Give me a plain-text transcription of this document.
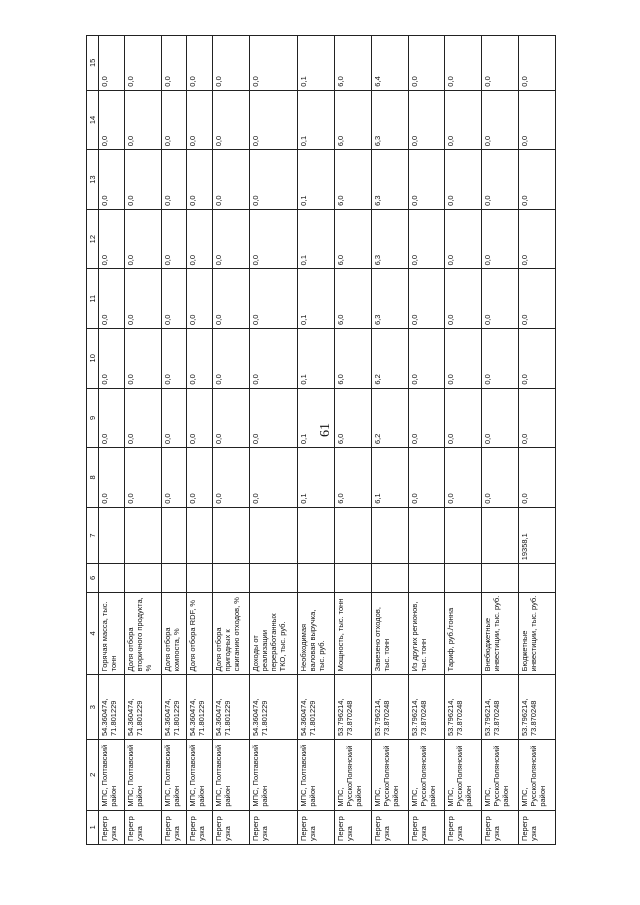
61
1	2	3	4	6	7	8	9	10	11	12	13	14	15
Перегр узка	МПС, Полтавский район	54.360474, 71.801229	Горячая масса, тыс. тонн			0,0	0,0	0,0	0,0	0,0	0,0	0,0	0,0
Перегр узка	МПС, Полтавский район	54.360474, 71.801229	Доля отбора вторичного продукта, %			0,0	0,0	0,0	0,0	0,0	0,0	0,0	0,0
Перегр узка	МПС, Полтавский район	54.360474, 71.801229	Доля отбора компоста, %			0,0	0,0	0,0	0,0	0,0	0,0	0,0	0,0
Перегр узка	МПС, Полтавский район	54.360474, 71.801229	Доля отбора RDF, %			0,0	0,0	0,0	0,0	0,0	0,0	0,0	0,0
Перегр узка	МПС, Полтавский район	54.360474, 71.801229	Доля отбора пригодных к сжиганию отходов, %			0,0	0,0	0,0	0,0	0,0	0,0	0,0	0,0
Перегр узка	МПС, Полтавский район	54.360474, 71.801229	Доходы от реализации переработанных ТКО, тыс. руб.			0,0	0,0	0,0	0,0	0,0	0,0	0,0	0,0
Перегр узка	МПС, Полтавский район	54.360474, 71.801229	Необходимая валовая выручка, тыс. руб.			0,1	0,1	0,1	0,1	0,1	0,1	0,1	0,1
Перегр узка	МПС, РусскоПолянский район	53.796214, 73.870248	Мощность, тыс. тонн			6,0	6,0	6,0	6,0	6,0	6,0	6,0	6,0
Перегр узка	МПС, РусскоПолянский район	53.796214, 73.870248	Завезено отходов, тыс. тонн			6,1	6,2	6,2	6,3	6,3	6,3	6,3	6,4
Перегр узка	МПС, РусскоПолянский район	53.796214, 73.870248	Из других регионов, тыс. тонн			0,0	0,0	0,0	0,0	0,0	0,0	0,0	0,0
Перегр узка	МПС, РусскоПолянский район	53.796214, 73.870248	Тариф, руб./тонна			0,0	0,0	0,0	0,0	0,0	0,0	0,0	0,0
Перегр узка	МПС, РусскоПолянский район	53.796214, 73.870248	Внебюджетные инвестиции, тыс. руб.			0,0	0,0	0,0	0,0	0,0	0,0	0,0	0,0
Перегр узка	МПС, РусскоПолянский район	53.796214, 73.870248	Бюджетные инвестиции, тыс. руб.		19358,1	0,0	0,0	0,0	0,0	0,0	0,0	0,0	0,0
